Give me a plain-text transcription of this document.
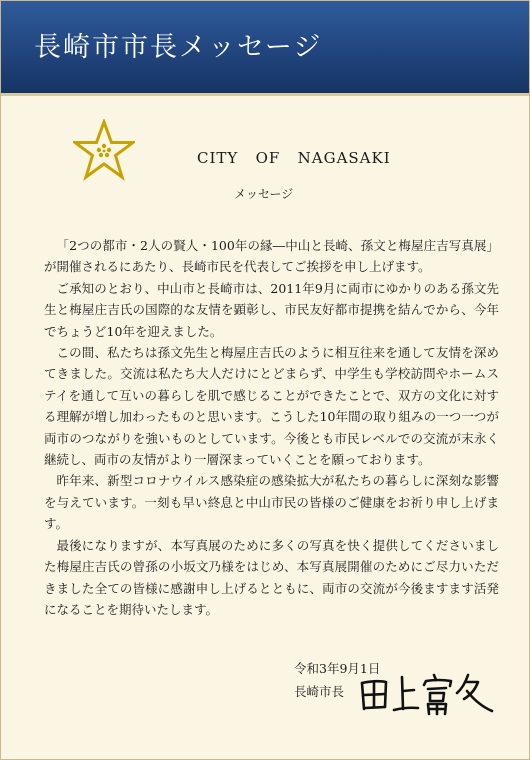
長崎市市長メッセージ
CITY   OF   NAGASAKI
メッセージ

「2つの都市・2人の賢人・100年の縁―中山と長崎、孫文と梅屋庄吉写真展」が開催されるにあたり、長崎市民を代表してご挨拶を申し上げます。

ご承知のとおり、中山市と長崎市は、2011年9月に両市にゆかりのある孫文先生と梅屋庄吉氏の国際的な友情を顕彰し、市民友好都市提携を結んでから、今年でちょうど10年を迎えました。

この間、私たちは孫文先生と梅屋庄吉氏のように相互往来を通して友情を深めてきました。交流は私たち大人だけにとどまらず、中学生も学校訪問やホームステイを通して互いの暮らしを肌で感じることができたことで、双方の文化に対する理解が増し加わったものと思います。こうした10年間の取り組みの一つ一つが両市のつながりを強いものとしています。今後とも市民レベルでの交流が末永く継続し、両市の友情がより一層深まっていくことを願っております。

昨年来、新型コロナウイルス感染症の感染拡大が私たちの暮らしに深刻な影響を与えています。一刻も早い終息と中山市民の皆様のご健康をお祈り申し上げます。

最後になりますが、本写真展のために多くの写真を快く提供してくださいました梅屋庄吉氏の曾孫の小坂文乃様をはじめ、本写真展開催のためにご尽力いただきました全ての皆様に感謝申し上げるとともに、両市の交流が今後ますます活発になることを期待いたします。

令和3年9月1日
長崎市長
